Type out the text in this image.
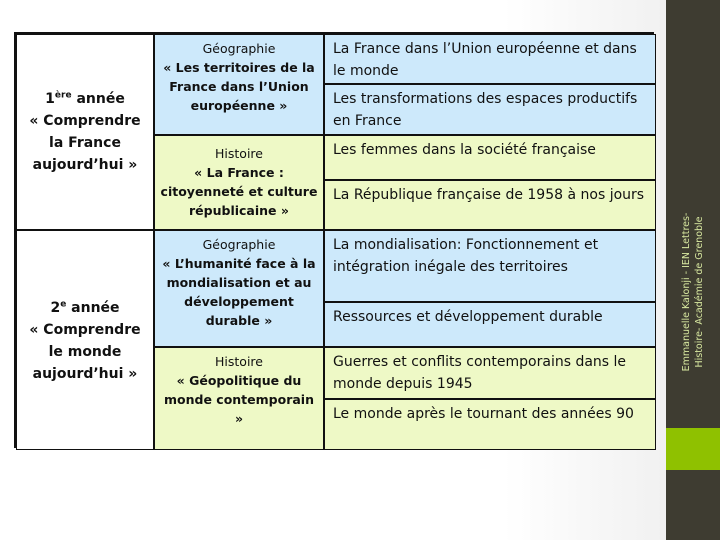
1ère année
« Comprendre la France aujourd’hui »
Géographie
« Les territoires de la France dans l’Union européenne »
La France dans l’Union européenne et dans le monde
Les transformations des espaces productifs en France
Histoire
« La France : citoyenneté et culture républicaine »
Les femmes dans la société française
La République française de 1958 à nos jours
2e année
« Comprendre le monde aujourd’hui »
Géographie
« L’humanité face à la mondialisation et au développement durable »
La mondialisation: Fonctionnement et intégration inégale des territoires
Ressources et développement durable
Histoire
« Géopolitique du monde contemporain »
Guerres et conflits contemporains dans le monde depuis 1945
Le monde après le tournant des années 90
Emmanuelle Kalonji - IEN Lettres- Histoire- Académie de Grenoble
